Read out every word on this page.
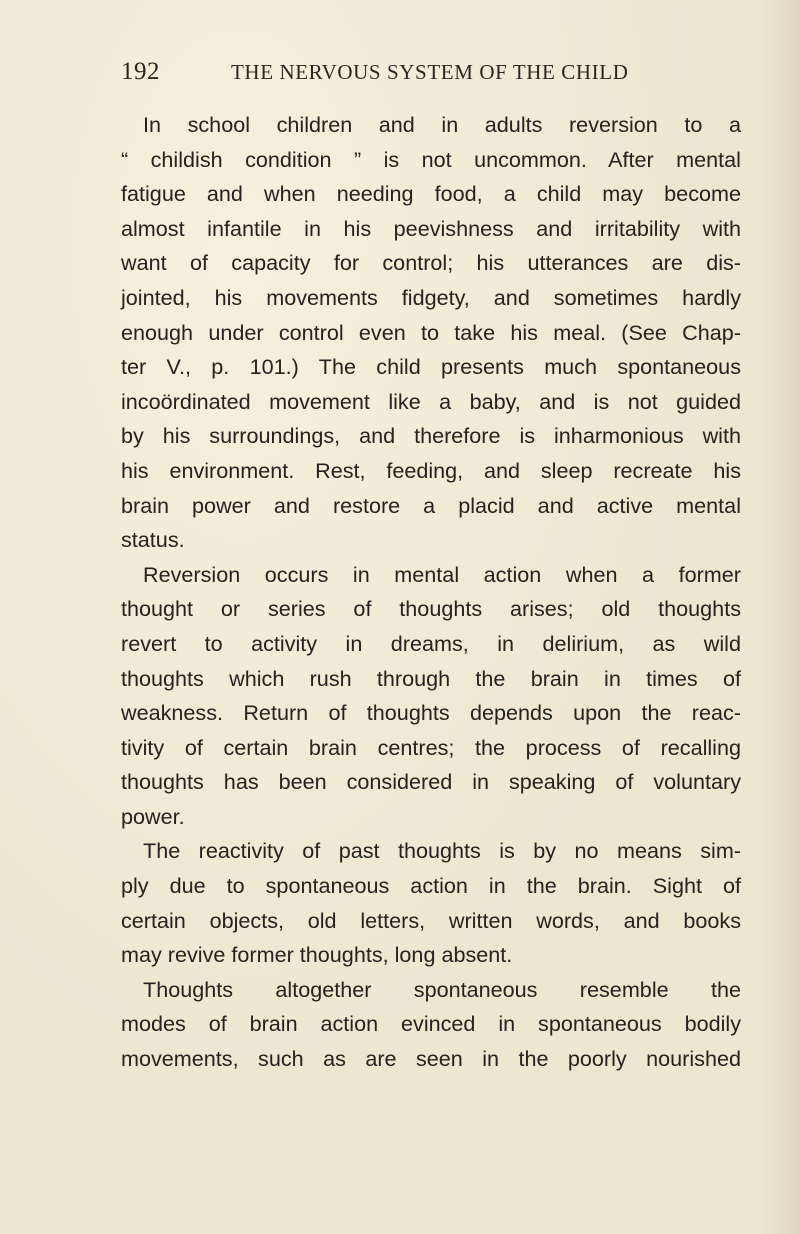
192	THE NERVOUS SYSTEM OF THE CHILD
In school children and in adults reversion to a
“ childish condition ” is not uncommon. After mental
fatigue and when needing food, a child may become
almost infantile in his peevishness and irritability with
want of capacity for control; his utterances are dis-
jointed, his movements fidgety, and sometimes hardly
enough under control even to take his meal. (See Chap-
ter V., p. 101.) The child presents much spontaneous
incoördinated movement like a baby, and is not guided
by his surroundings, and therefore is inharmonious with
his environment. Rest, feeding, and sleep recreate his
brain power and restore a placid and active mental
status.
Reversion occurs in mental action when a former
thought or series of thoughts arises; old thoughts
revert to activity in dreams, in delirium, as wild
thoughts which rush through the brain in times of
weakness. Return of thoughts depends upon the reac-
tivity of certain brain centres; the process of recalling
thoughts has been considered in speaking of voluntary
power.
The reactivity of past thoughts is by no means sim-
ply due to spontaneous action in the brain. Sight of
certain objects, old letters, written words, and books
may revive former thoughts, long absent.
Thoughts altogether spontaneous resemble the
modes of brain action evinced in spontaneous bodily
movements, such as are seen in the poorly nourished
